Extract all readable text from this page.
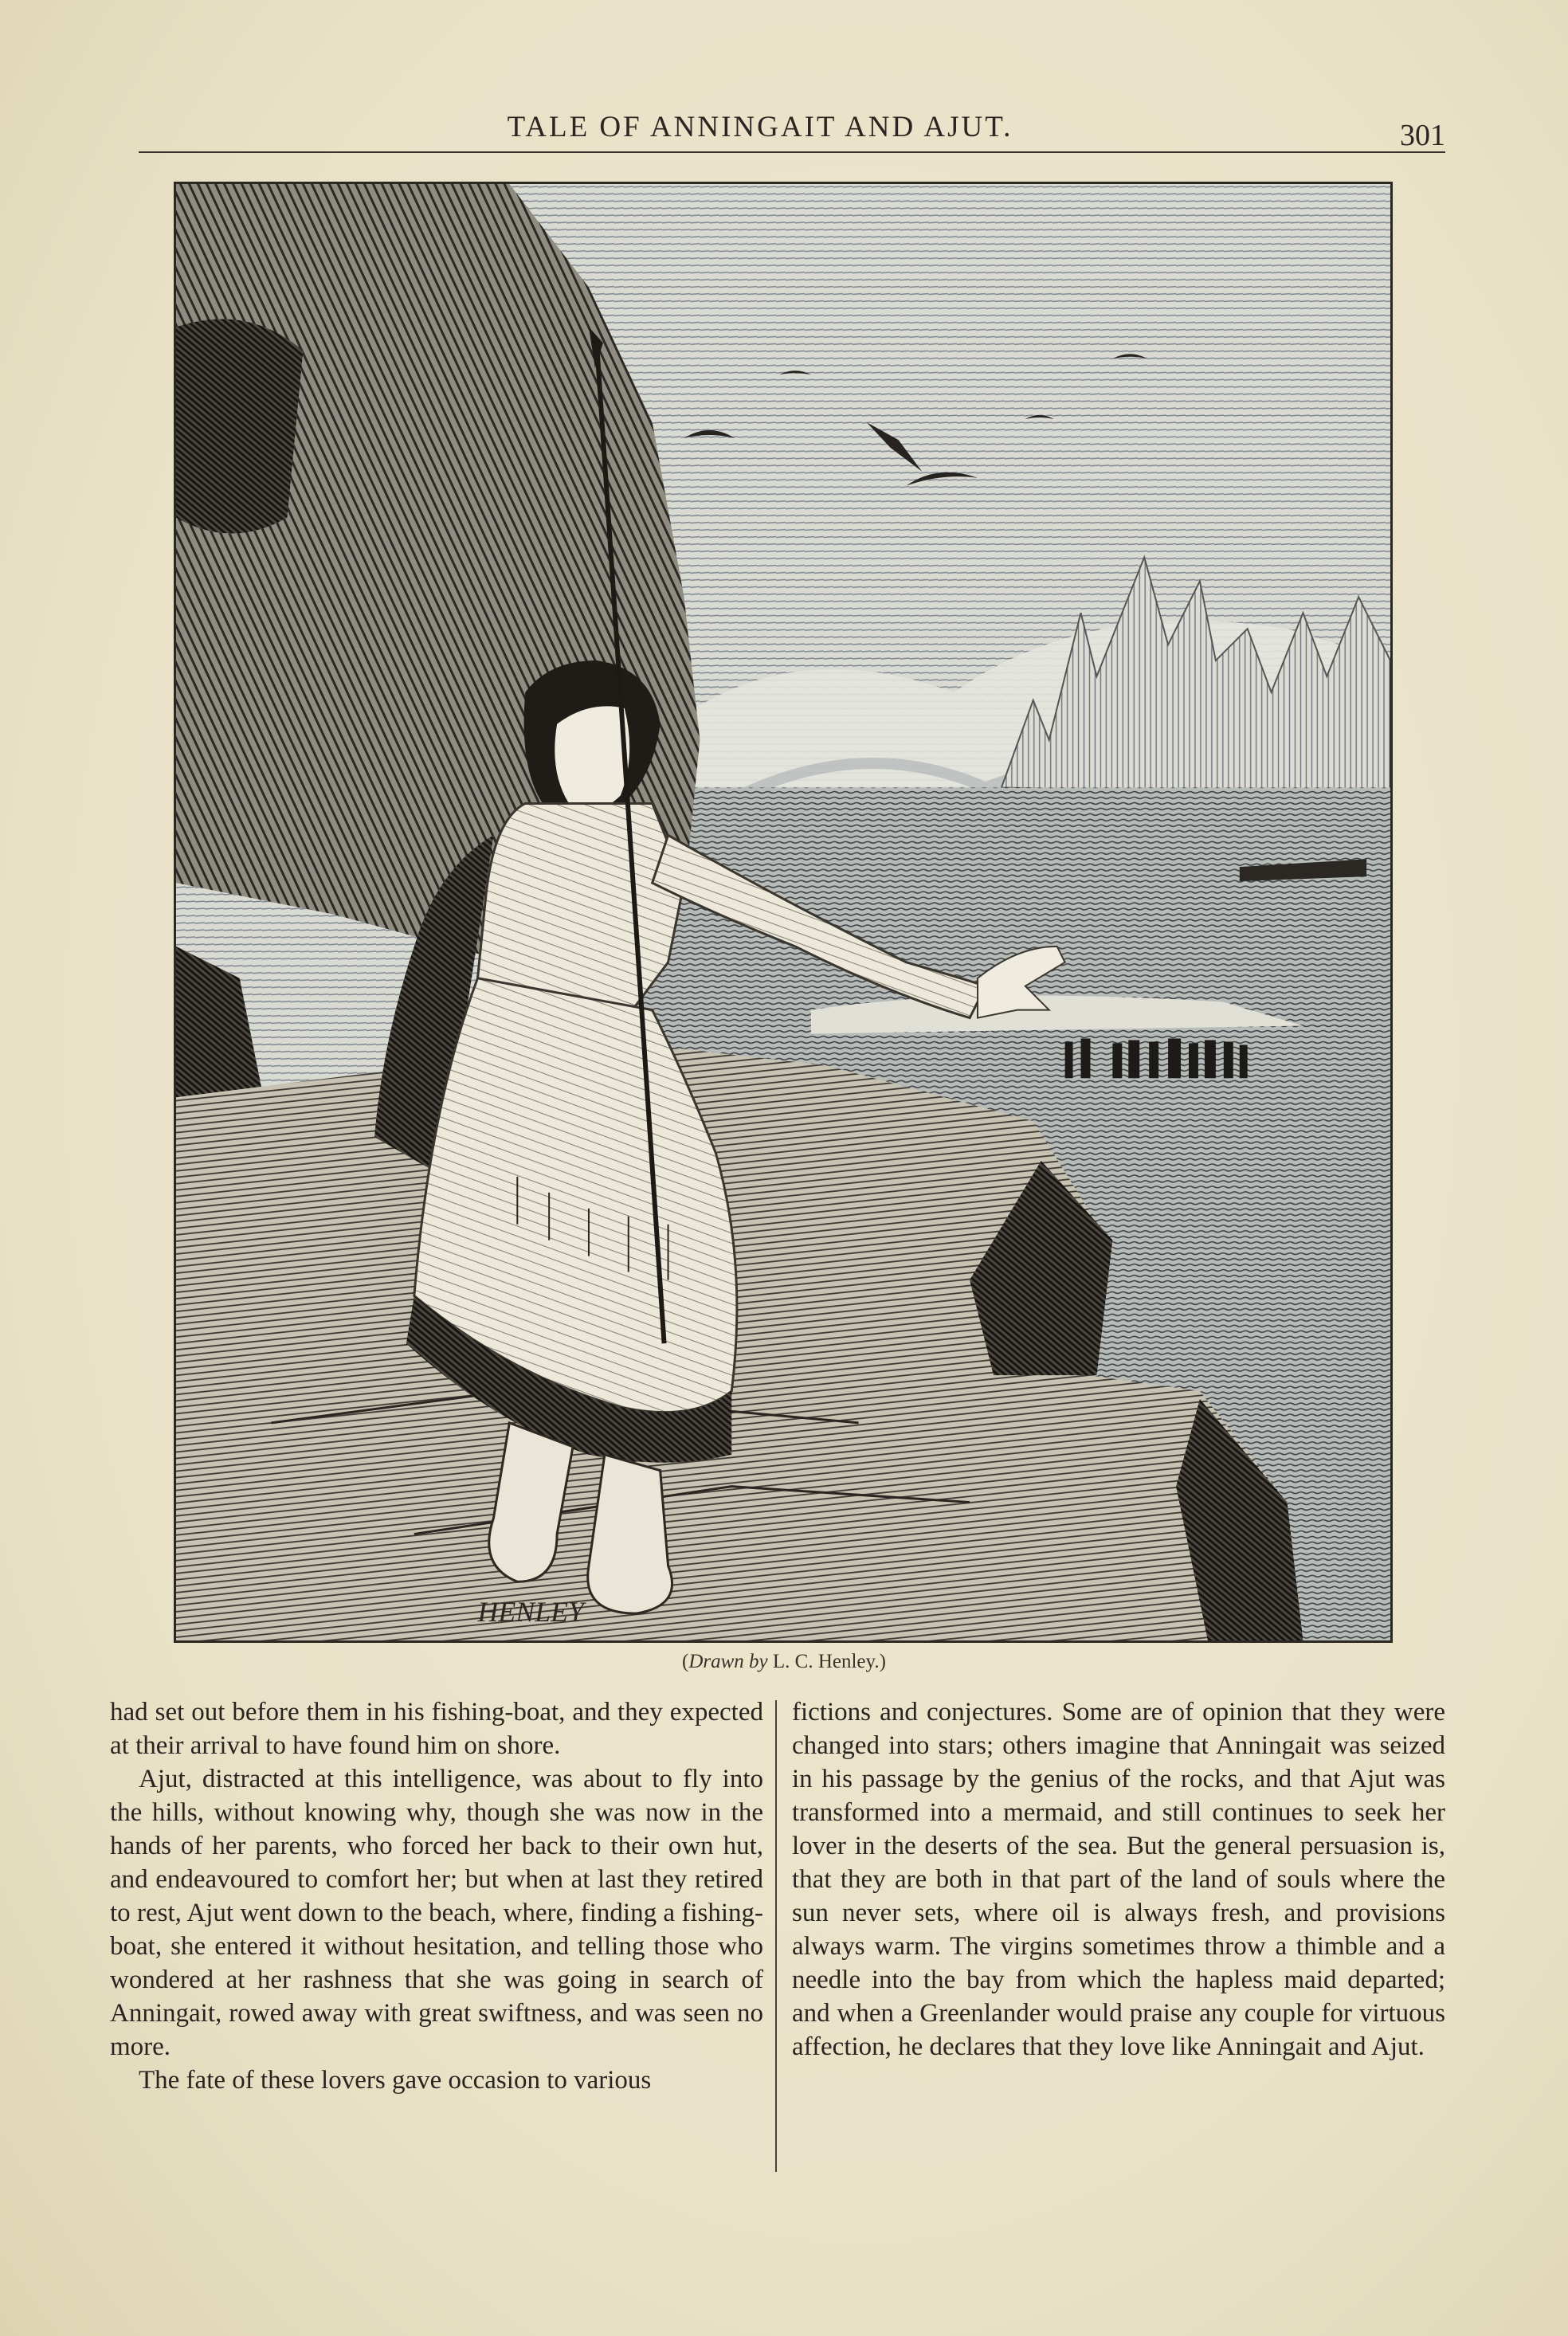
TALE OF ANNINGAIT AND AJUT.	301
HENLEY
(Drawn by L. C. Henley.)

had set out before them in his fishing-boat, and they expected at their arrival to have found him on shore.

Ajut, distracted at this intelligence, was about to fly into the hills, without knowing why, though she was now in the hands of her parents, who forced her back to their own hut, and endeavoured to comfort her; but when at last they retired to rest, Ajut went down to the beach, where, finding a fishing-boat, she entered it without hesitation, and telling those who wondered at her rashness that she was going in search of Anningait, rowed away with great swiftness, and was seen no more.

The fate of these lovers gave occasion to various

fictions and conjectures. Some are of opinion that they were changed into stars; others imagine that Anningait was seized in his passage by the genius of the rocks, and that Ajut was transformed into a mermaid, and still continues to seek her lover in the deserts of the sea. But the general persuasion is, that they are both in that part of the land of souls where the sun never sets, where oil is always fresh, and provisions always warm. The virgins sometimes throw a thimble and a needle into the bay from which the hapless maid departed; and when a Greenlander would praise any couple for virtuous affection, he declares that they love like Anningait and Ajut.
